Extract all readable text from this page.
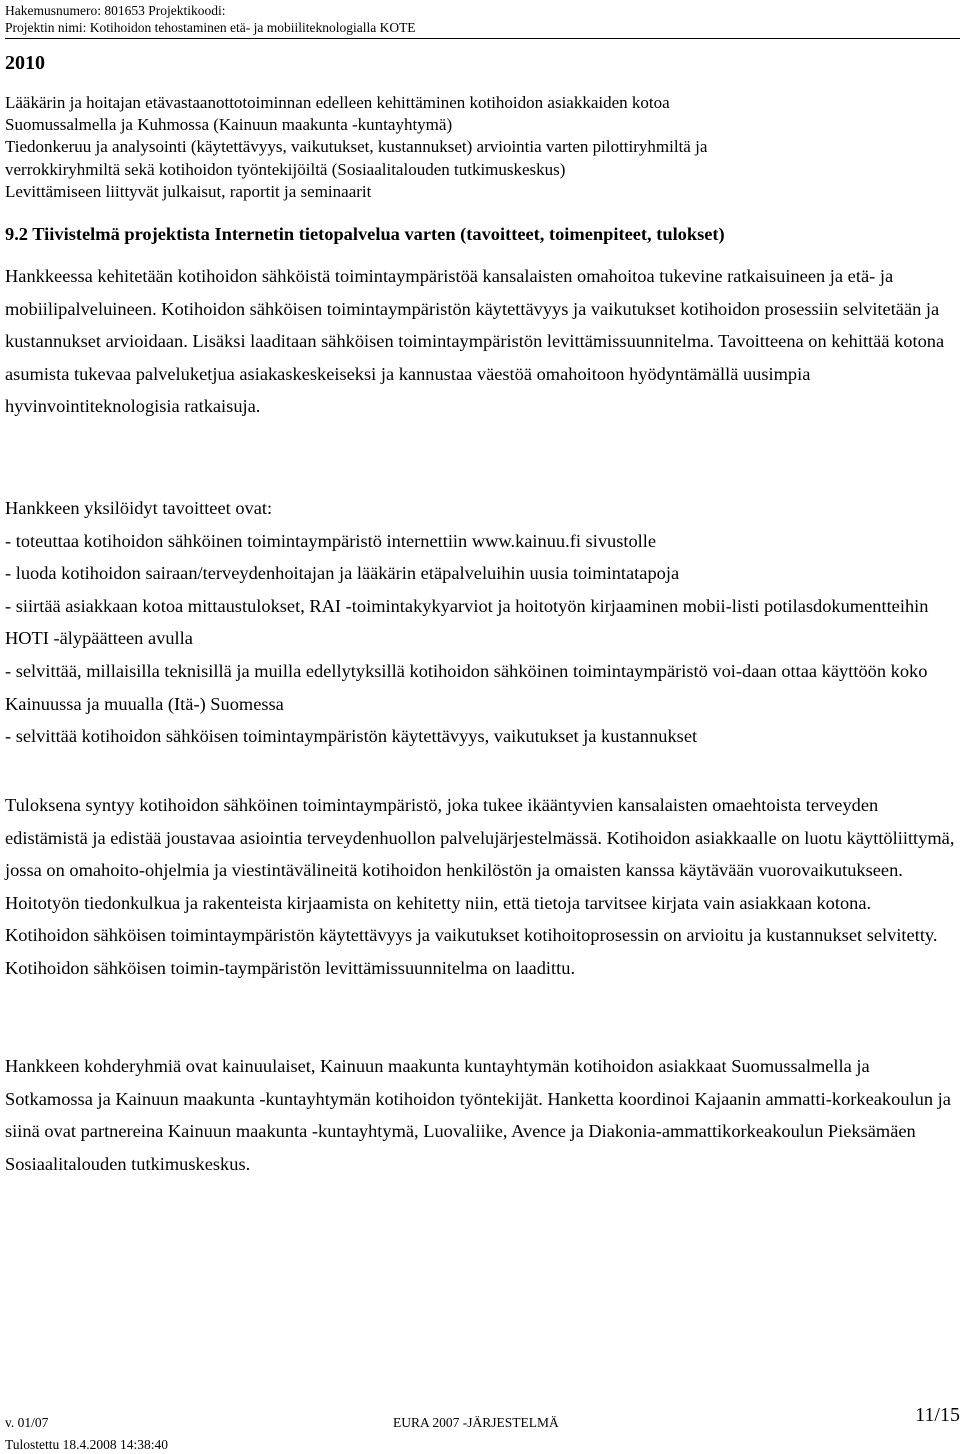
Hakemusnumero: 801653 Projektikoodi:
Projektin nimi: Kotihoidon tehostaminen etä- ja mobiiliteknologialla KOTE
2010
Lääkärin ja hoitajan etävastaanottotoiminnan edelleen kehittäminen kotihoidon asiakkaiden kotoa
Suomussalmella ja Kuhmossa (Kainuun maakunta -kuntayhtymä)
Tiedonkeruu ja analysointi (käytettävyys, vaikutukset, kustannukset) arviointia varten pilottiryhmiltä ja
verrokkiryhmiltä sekä kotihoidon työntekijöiltä (Sosiaalitalouden tutkimuskeskus)
Levittämiseen liittyvät julkaisut, raportit ja seminaarit
9.2 Tiivistelmä projektista Internetin tietopalvelua varten (tavoitteet, toimenpiteet, tulokset)

Hankkeessa kehitetään kotihoidon sähköistä toimintaympäristöä kansalaisten omahoitoa tukevine ratkaisuineen ja etä- ja mobiilipalveluineen. Kotihoidon sähköisen toimintaympäristön käytettävyys ja vaikutukset kotihoidon prosessiin selvitetään ja kustannukset arvioidaan. Lisäksi laaditaan sähköisen toimintaympäristön levittämissuunnitelma. Tavoitteena on kehittää kotona asumista tukevaa palveluketjua asiakaskeskeiseksi ja kannustaa väestöä omahoitoon hyödyntämällä uusimpia hyvinvointiteknologisia ratkaisuja.

Hankkeen yksilöidyt tavoitteet ovat:
- toteuttaa kotihoidon sähköinen toimintaympäristö internettiin www.kainuu.fi sivustolle
- luoda kotihoidon sairaan/terveydenhoitajan ja lääkärin etäpalveluihin uusia toimintatapoja
- siirtää asiakkaan kotoa mittaustulokset, RAI -toimintakykyarviot ja hoitotyön kirjaaminen mobii-listi potilasdokumentteihin HOTI -älypäätteen avulla
- selvittää, millaisilla teknisillä ja muilla edellytyksillä kotihoidon sähköinen toimintaympäristö voi-daan ottaa käyttöön koko Kainuussa ja muualla (Itä-) Suomessa
- selvittää kotihoidon sähköisen toimintaympäristön käytettävyys, vaikutukset ja kustannukset

Tuloksena syntyy kotihoidon sähköinen toimintaympäristö, joka tukee ikääntyvien kansalaisten omaehtoista terveyden edistämistä ja edistää joustavaa asiointia terveydenhuollon palvelujärjestelmässä. Kotihoidon asiakkaalle on luotu käyttöliittymä, jossa on omahoito-ohjelmia ja viestintävälineitä kotihoidon henkilöstön ja omaisten kanssa käytävään vuorovaikutukseen. Hoitotyön tiedonkulkua ja rakenteista kirjaamista on kehitetty niin, että tietoja tarvitsee kirjata vain asiakkaan kotona. Kotihoidon sähköisen toimintaympäristön käytettävyys ja vaikutukset kotihoitoprosessin on arvioitu ja kustannukset selvitetty. Kotihoidon sähköisen toimin-taympäristön levittämissuunnitelma on laadittu.

Hankkeen kohderyhmiä ovat kainuulaiset, Kainuun maakunta kuntayhtymän kotihoidon asiakkaat Suomussalmella ja Sotkamossa ja Kainuun maakunta -kuntayhtymän kotihoidon työntekijät. Hanketta koordinoi Kajaanin ammatti-korkeakoulun ja siinä ovat partnereina Kainuun maakunta -kuntayhtymä, Luovaliike, Avence ja Diakonia-ammattikorkeakoulun Pieksämäen Sosiaalitalouden tutkimuskeskus.

v. 01/07	EURA 2007 -JÄRJESTELMÄ	11/15
Tulostettu 18.4.2008 14:38:40
